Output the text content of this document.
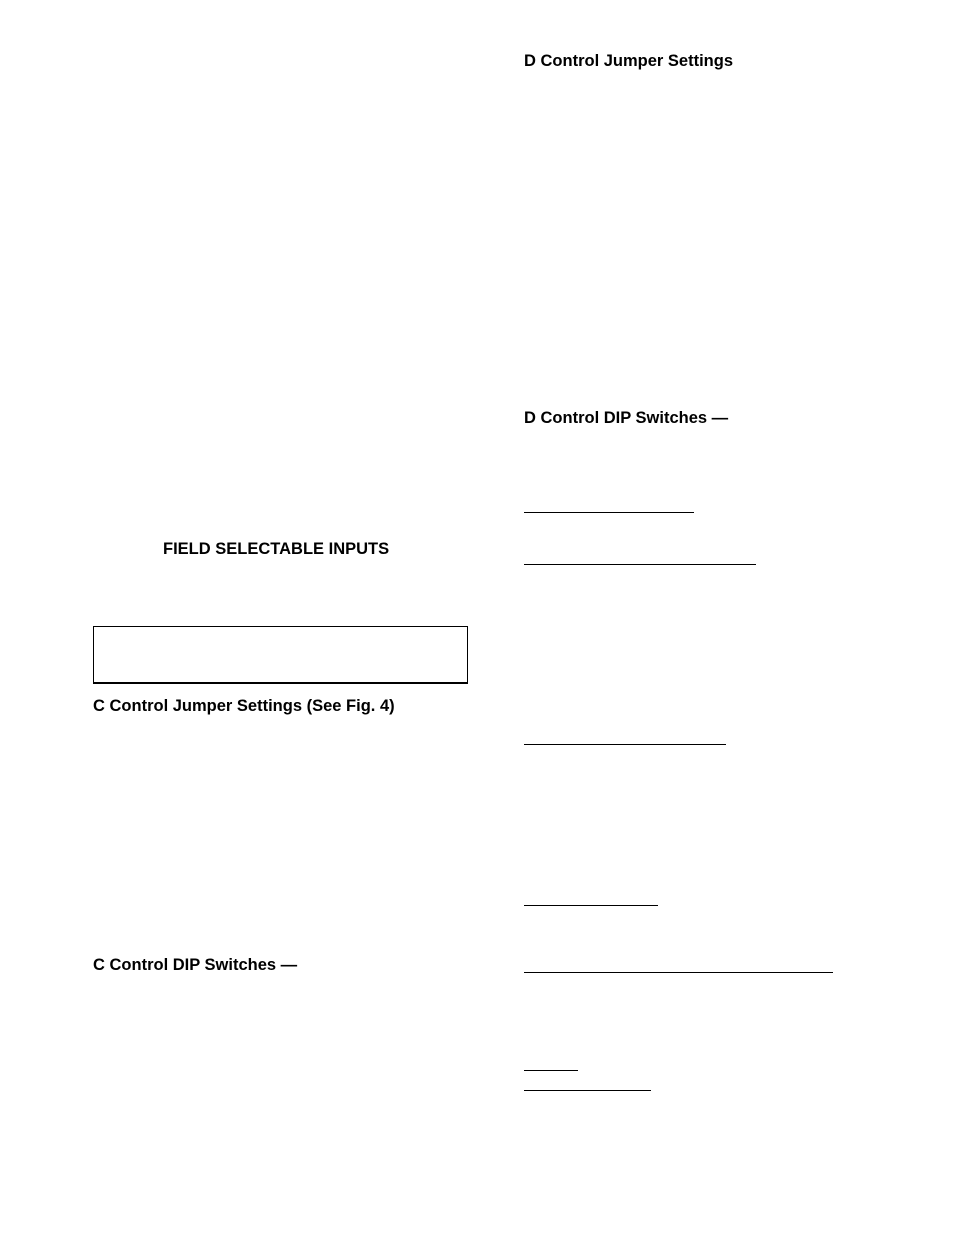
D Control Jumper Settings
D Control DIP Switches —
FIELD SELECTABLE INPUTS
C Control Jumper Settings (See Fig. 4)
C Control DIP Switches —
